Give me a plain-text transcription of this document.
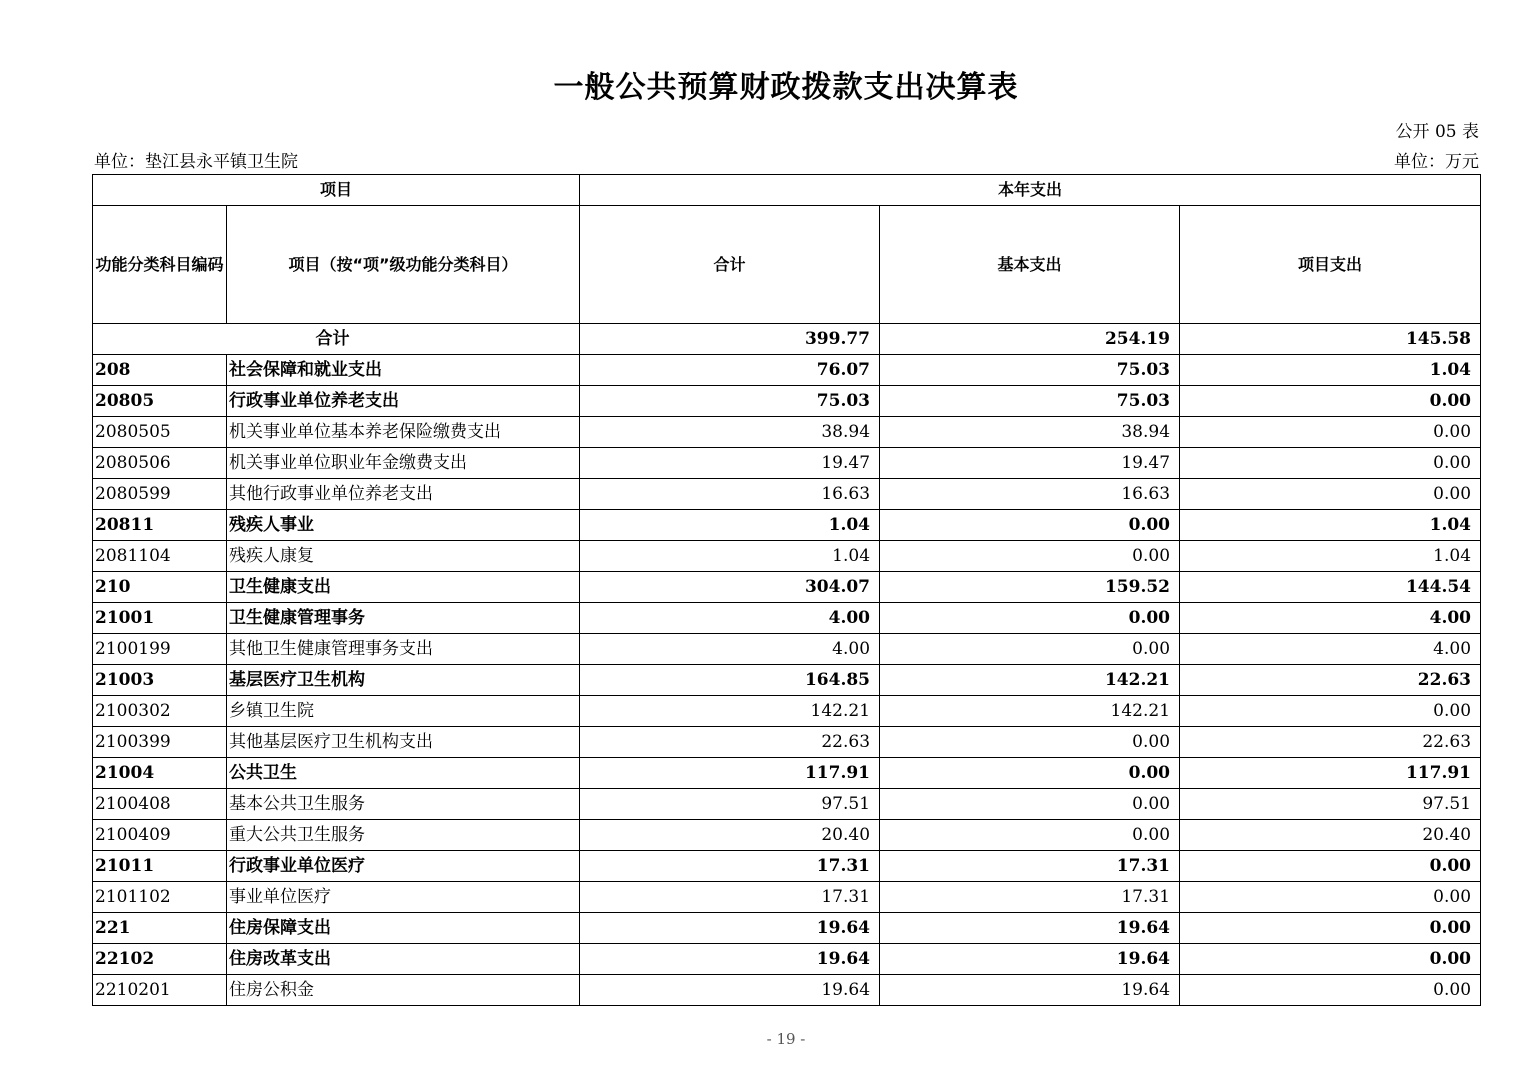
一般公共预算财政拨款支出决算表
公开 05 表
单位：垫江县永平镇卫生院	单位：万元
项目		本年支出		
功能分类科目编码	项目（按“项”级功能分类科目）	合计	基本支出	项目支出
合计		399.77	254.19	145.58
208	社会保障和就业支出	76.07	75.03	1.04
20805	行政事业单位养老支出	75.03	75.03	0.00
2080505	机关事业单位基本养老保险缴费支出	38.94	38.94	0.00
2080506	机关事业单位职业年金缴费支出	19.47	19.47	0.00
2080599	其他行政事业单位养老支出	16.63	16.63	0.00
20811	残疾人事业	1.04	0.00	1.04
2081104	残疾人康复	1.04	0.00	1.04
210	卫生健康支出	304.07	159.52	144.54
21001	卫生健康管理事务	4.00	0.00	4.00
2100199	其他卫生健康管理事务支出	4.00	0.00	4.00
21003	基层医疗卫生机构	164.85	142.21	22.63
2100302	乡镇卫生院	142.21	142.21	0.00
2100399	其他基层医疗卫生机构支出	22.63	0.00	22.63
21004	公共卫生	117.91	0.00	117.91
2100408	基本公共卫生服务	97.51	0.00	97.51
2100409	重大公共卫生服务	20.40	0.00	20.40
21011	行政事业单位医疗	17.31	17.31	0.00
2101102	事业单位医疗	17.31	17.31	0.00
221	住房保障支出	19.64	19.64	0.00
22102	住房改革支出	19.64	19.64	0.00
2210201	住房公积金	19.64	19.64	0.00
- 19 -
